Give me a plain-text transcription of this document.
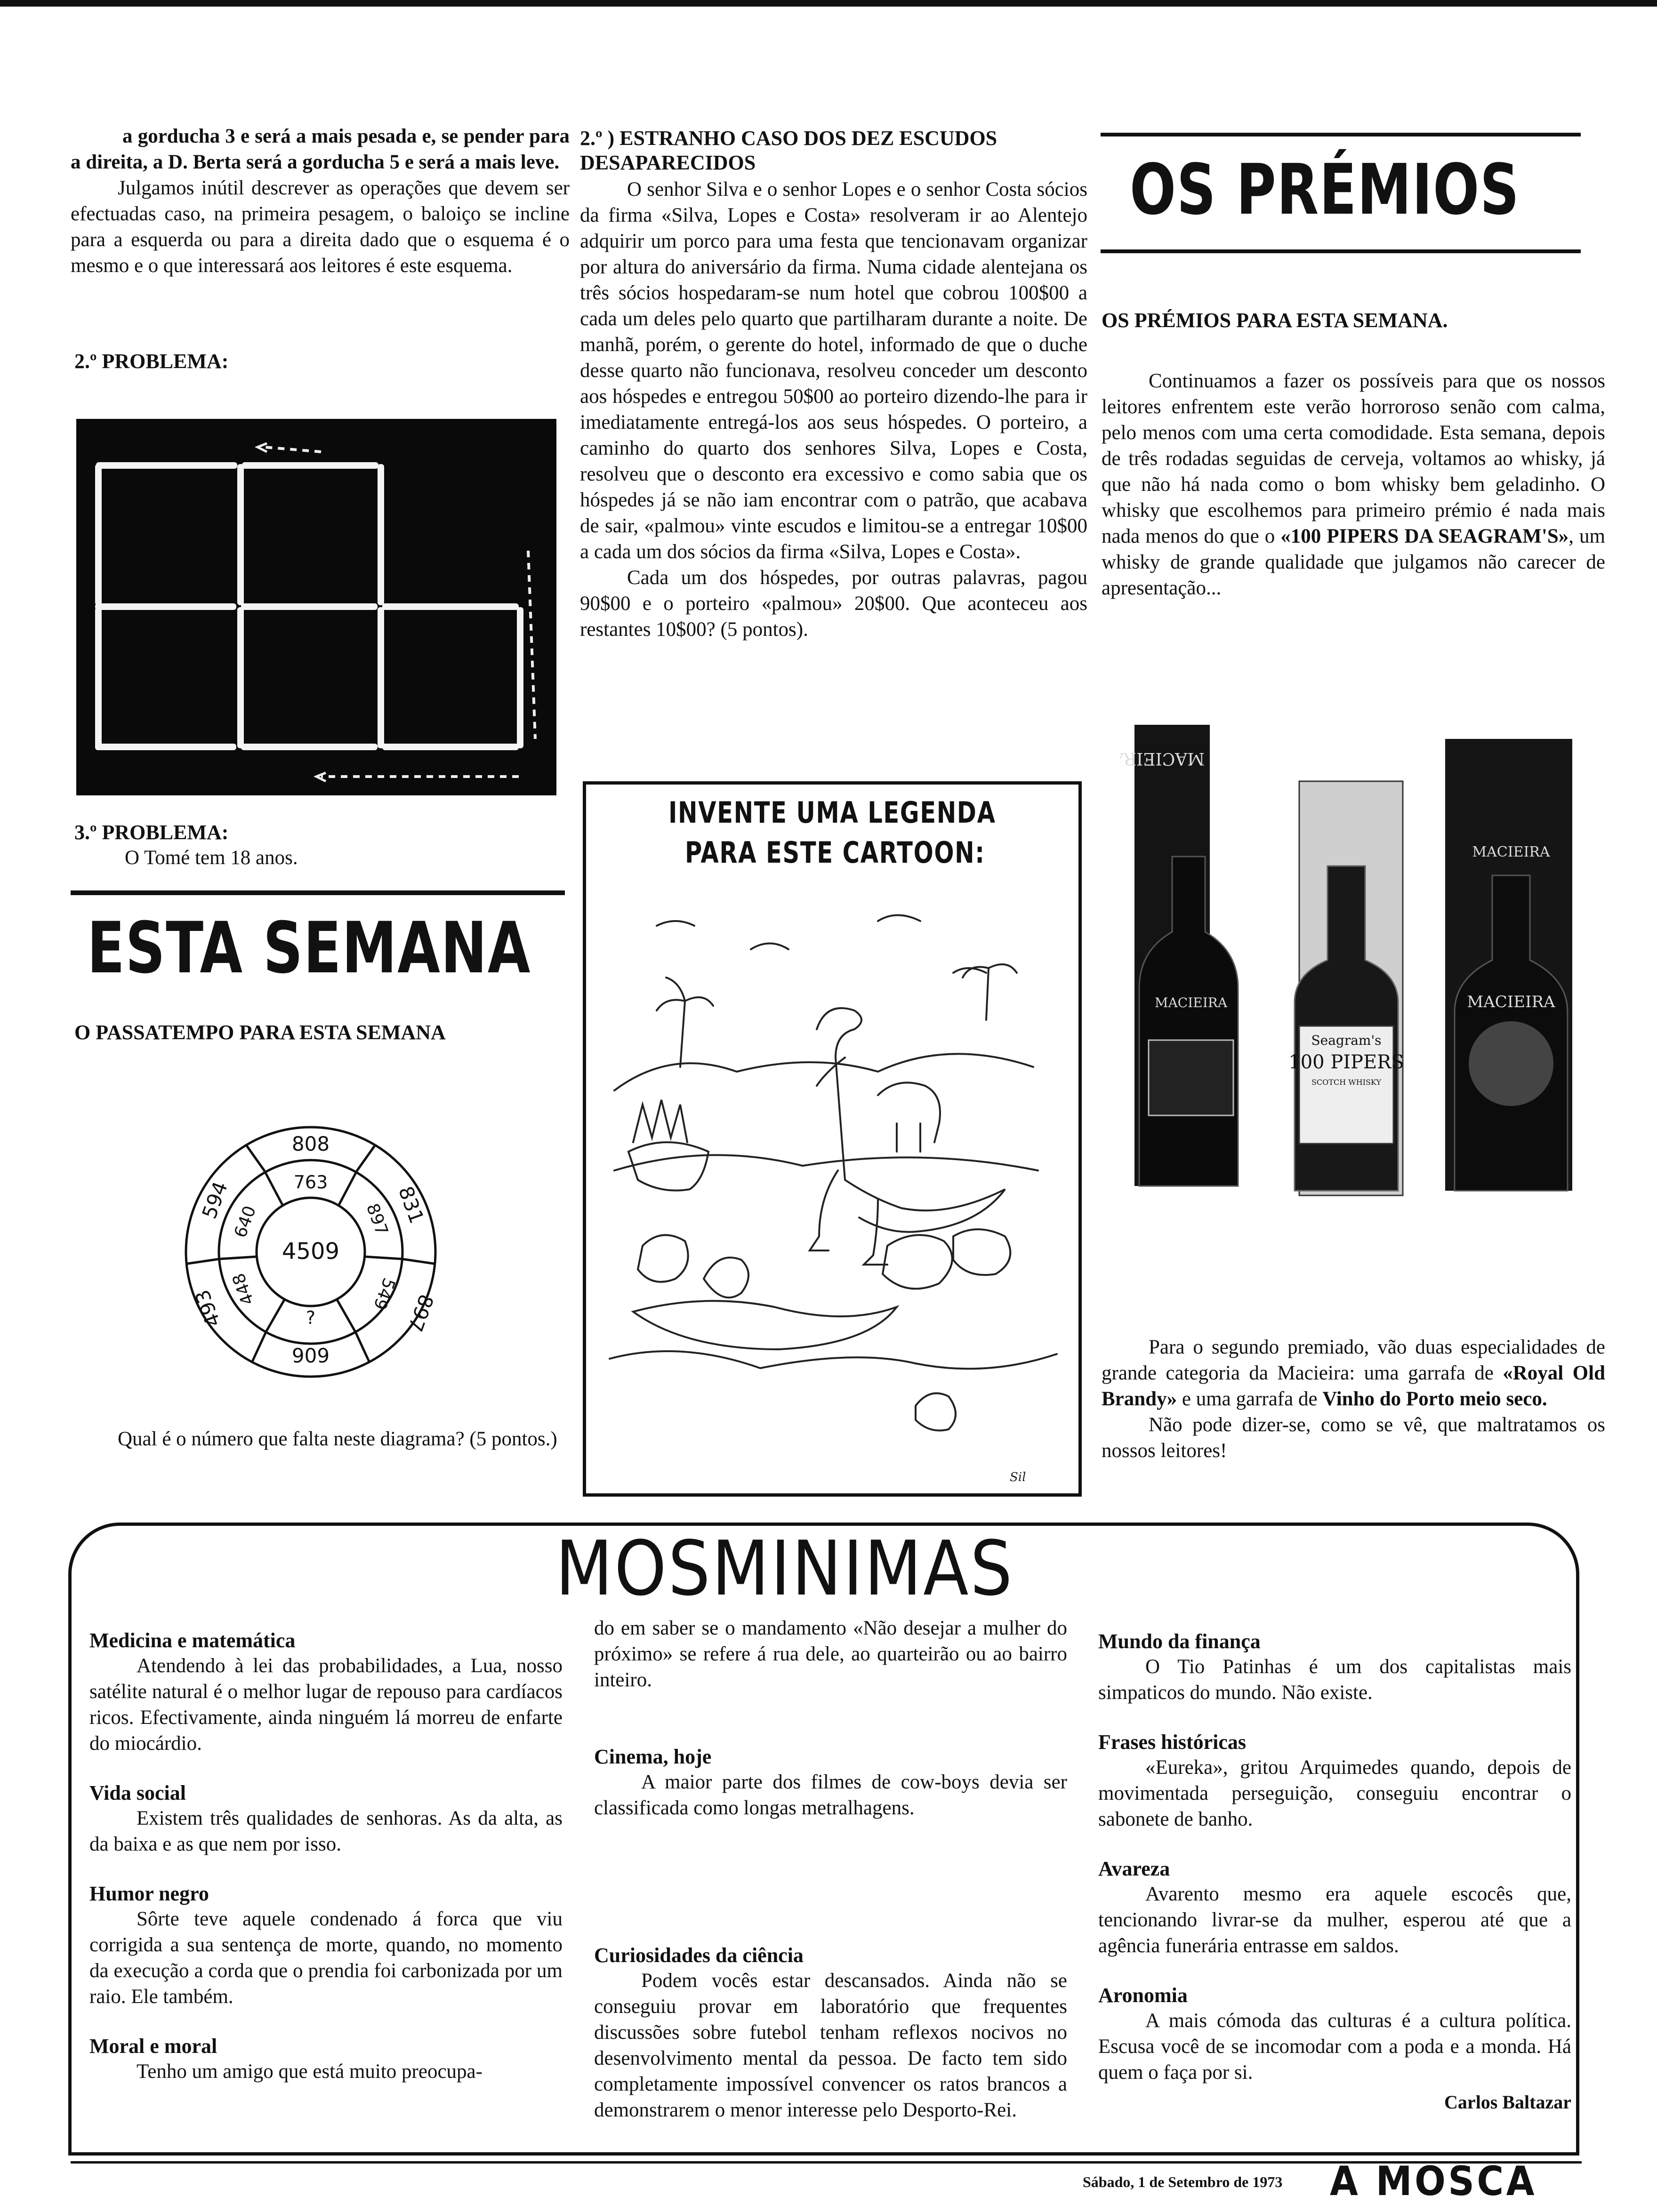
a gorducha 3 e será a mais pesada e, se pender para a direita, a D. Berta será a gorducha 5 e será a mais leve.

Julgamos inútil descrever as operações que devem ser efectuadas caso, na primeira pesagem, o baloiço se incline para a esquerda ou para a direita dado que o esquema é o mesmo e o que interessará aos leitores é este esquema.

2.º PROBLEMA:
3.º PROBLEMA:
O Tomé tem 18 anos.
ESTA SEMANA
O PASSATEMPO PARA ESTA SEMANA
808
763
4509
909
?
831
897
897
549
594
640
493 448

Qual é o número que falta neste diagrama? (5 pontos.)

2.º ) ESTRANHO CASO DOS DEZ ESCUDOS DESAPARECIDOS

O senhor Silva e o senhor Lopes e o senhor Costa sócios da firma «Silva, Lopes e Costa» resolveram ir ao Alentejo adquirir um porco para uma festa que tencionavam organizar por altura do aniversário da firma. Numa cidade alentejana os três sócios hospedaram-se num hotel que cobrou 100$00 a cada um deles pelo quarto que partilharam durante a noite. De manhã, porém, o gerente do hotel, informado de que o duche desse quarto não funcionava, resolveu conceder um desconto aos hóspedes e entregou 50$00 ao porteiro dizendo-lhe para ir imediatamente entregá-los aos seus hóspedes. O porteiro, a caminho do quarto dos senhores Silva, Lopes e Costa, resolveu que o desconto era excessivo e como sabia que os hóspedes já se não iam encontrar com o patrão, que acabava de sair, «palmou» vinte escudos e limitou-se a entregar 10$00 a cada um dos sócios da firma «Silva, Lopes e Costa».

Cada um dos hóspedes, por outras palavras, pagou 90$00 e o porteiro «palmou» 20$00. Que aconteceu aos restantes 10$00? (5 pontos).

INVENTE UMA LEGENDA
PARA ESTE CARTOON:
Sil
OS PRÉMIOS
OS PRÉMIOS PARA ESTA SEMANA.

Continuamos a fazer os possíveis para que os nossos leitores enfrentem este verão horroroso senão com calma, pelo menos com uma certa comodidade. Esta semana, depois de três rodadas seguidas de cerveja, voltamos ao whisky, já que não há nada como o bom whisky bem geladinho. O whisky que escolhemos para primeiro prémio é nada mais nada menos do que o «100 PIPERS DA SEAGRAM'S», um whisky de grande qualidade que julgamos não carecer de apresentação...

MACIEIRA
MACIEIRA
Seagram's
100 PIPERS
SCOTCH WHISKY
MACIEIRA
MACIEIRA

Para o segundo premiado, vão duas especialidades de grande categoria da Macieira: uma garrafa de «Royal Old Brandy» e uma garrafa de Vinho do Porto meio seco.

Não pode dizer-se, como se vê, que maltratamos os nossos leitores!

MOSMINIMAS
Medicina e matemática

Atendendo à lei das probabilidades, a Lua, nosso satélite natural é o melhor lugar de repouso para cardíacos ricos. Efectivamente, ainda ninguém lá morreu de enfarte do miocárdio.

Vida social

Existem três qualidades de senhoras. As da alta, as da baixa e as que nem por isso.

Humor negro

Sôrte teve aquele condenado á forca que viu corrigida a sua sentença de morte, quando, no momento da execução a corda que o prendia foi carbonizada por um raio. Ele também.

Moral e moral

Tenho um amigo que está muito preocupa-

do em saber se o mandamento «Não desejar a mulher do próximo» se refere á rua dele, ao quarteirão ou ao bairro inteiro.

Cinema, hoje

A maior parte dos filmes de cow-boys devia ser classificada como longas metralhagens.

Curiosidades da ciência

Podem vocês estar descansados. Ainda não se conseguiu provar em laboratório que frequentes discussões sobre futebol tenham reflexos nocivos no desenvolvimento mental da pessoa. De facto tem sido completamente impossível convencer os ratos brancos a demonstrarem o menor interesse pelo Desporto-Rei.

Mundo da finança

O Tio Patinhas é um dos capitalistas mais simpaticos do mundo. Não existe.

Frases históricas

«Eureka», gritou Arquimedes quando, depois de movimentada perseguição, conseguiu encontrar o sabonete de banho.

Avareza

Avarento mesmo era aquele escocês que, tencionando livrar-se da mulher, esperou até que a agência funerária entrasse em saldos.

Aronomia

A mais cómoda das culturas é a cultura política. Escusa você de se incomodar com a poda e a monda. Há quem o faça por si.

Carlos Baltazar
Sábado, 1 de Setembro de 1973 A MOSCA
